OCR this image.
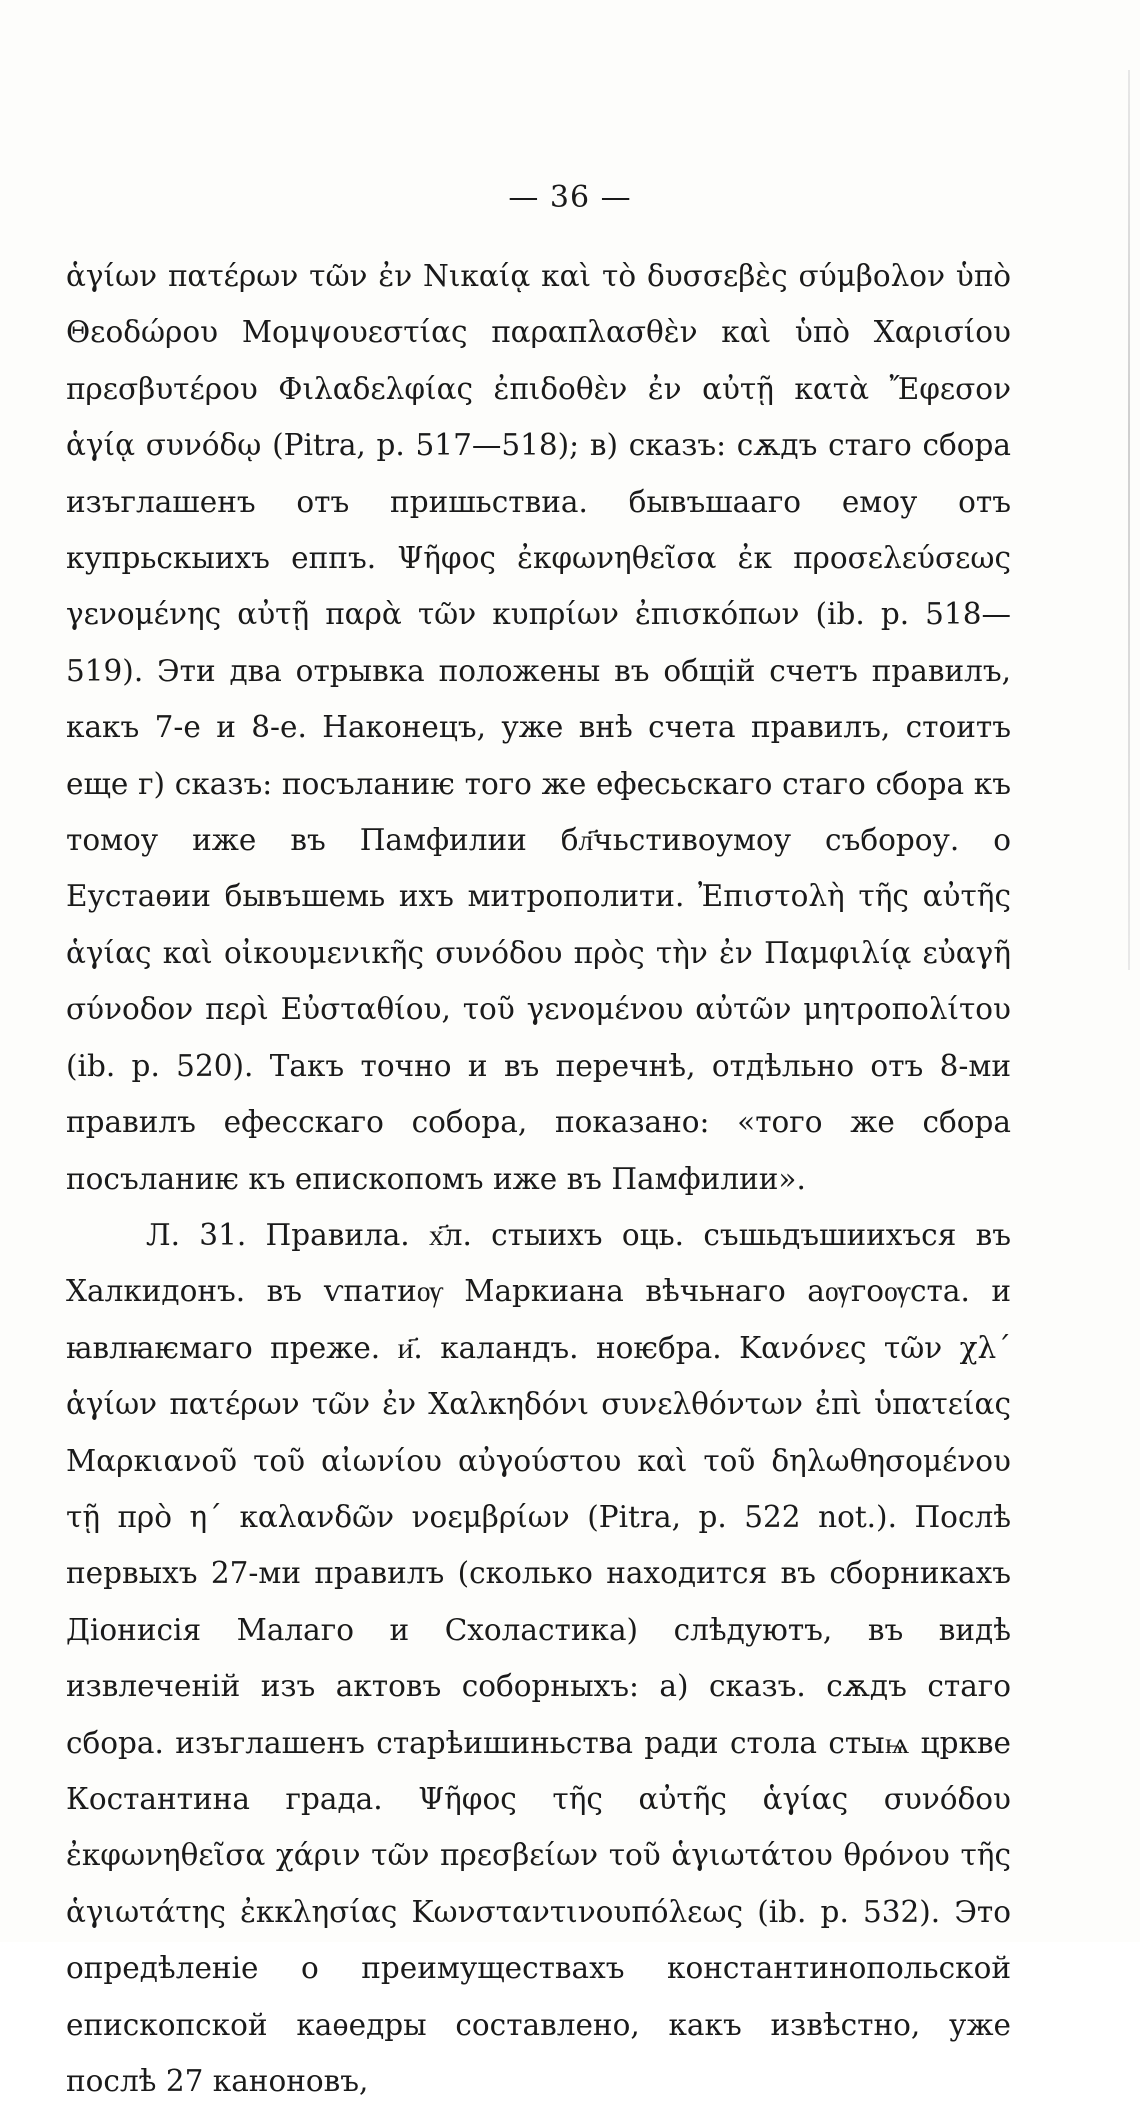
— 36 —

ἁγίων πατέρων τῶν ἐν Νικαίᾳ καὶ τὸ δυσσεβὲς σύμβολον ὑπὸ Θεοδώρου Μομψουεστίας παραπλασθὲν καὶ ὑπὸ Χαρισίου πρεσβυτέρου Φιλαδελφίας ἐπιδοθὲν ἐν αὐτῇ κατὰ Ἔφεσον ἁγίᾳ συνόδῳ (Pitra, p. 517—518); в) сказъ: сѫдъ стаго сбора изъглашенъ отъ пришьствиа. бывъшааго емоу отъ купрьскыихъ еппъ. Ψῆφος ἐκφωνηθεῖσα ἐκ προσελεύσεως γενομένης αὐτῇ παρὰ τῶν κυπρίων ἐπισκόπων (ib. p. 518—519). Эти два отрывка положены въ общій счетъ правилъ, какъ 7-е и 8-е. Наконецъ, уже внѣ счета правилъ, стоитъ еще г) сказъ: посъланиѥ того же ефесьскаго стаго сбора къ томоу иже въ Памфилии бл҃чьстивоумоу съборoу. о Еустаѳии бывъшемь ихъ митрополити. Ἐπιστολὴ τῆς αὐτῆς ἁγίας καὶ οἰκουμενικῆς συνόδου πρὸς τὴν ἐν Παμφιλίᾳ εὐαγῆ σύνοδον περὶ Εὐσταθίου, τοῦ γενομένου αὐτῶν μητροπολίτου (ib. p. 520). Такъ точно и въ перечнѣ, отдѣльно отъ 8-ми правилъ ефесскаго собора, показано: «того же сбора посъланиѥ къ епископомъ иже въ Памфилии».

Л. 31. Правила. х҃л. стыихъ оць. съшьдъшиихъся въ Халкидонъ. въ ѵпатиѹ Маркиана вѣчьнаго аѹгоѹста. и ꙗвлꙗѥмаго преже. и҃. каландъ. ноѥбра. Κανόνες τῶν χλ΄ ἁγίων πατέρων τῶν ἐν Χαλκηδόνι συνελθόντων ἐπὶ ὑπατείας Μαρκιανοῦ τοῦ αἰωνίου αὐγούστου καὶ τοῦ δηλωθησομένου τῇ πρὸ η΄ καλανδῶν νοεμβρίων (Pitra, p. 522 not.). Послѣ первыхъ 27-ми правилъ (сколько находится въ сборникахъ Діонисія Малаго и Схоластика) слѣдуютъ, въ видѣ извлеченій изъ актовъ соборныхъ: а) сказъ. сѫдъ стаго сбора. изъглашенъ старѣишиньства ради стола стыѩ цркве Костантина града. Ψῆφος τῆς αὐτῆς ἁγίας συνόδου ἐκφωνηθεῖσα χάριν τῶν πρεσβείων τοῦ ἁγιωτάτου θρόνου τῆς ἁγιωτάτης ἐκκλησίας Κωνσταντινουπόλεως (ib. p. 532). Это опредѣленіе о преимуществахъ константинопольской епископской каѳедры составлено, какъ извѣстно, уже послѣ 27 каноновъ,
